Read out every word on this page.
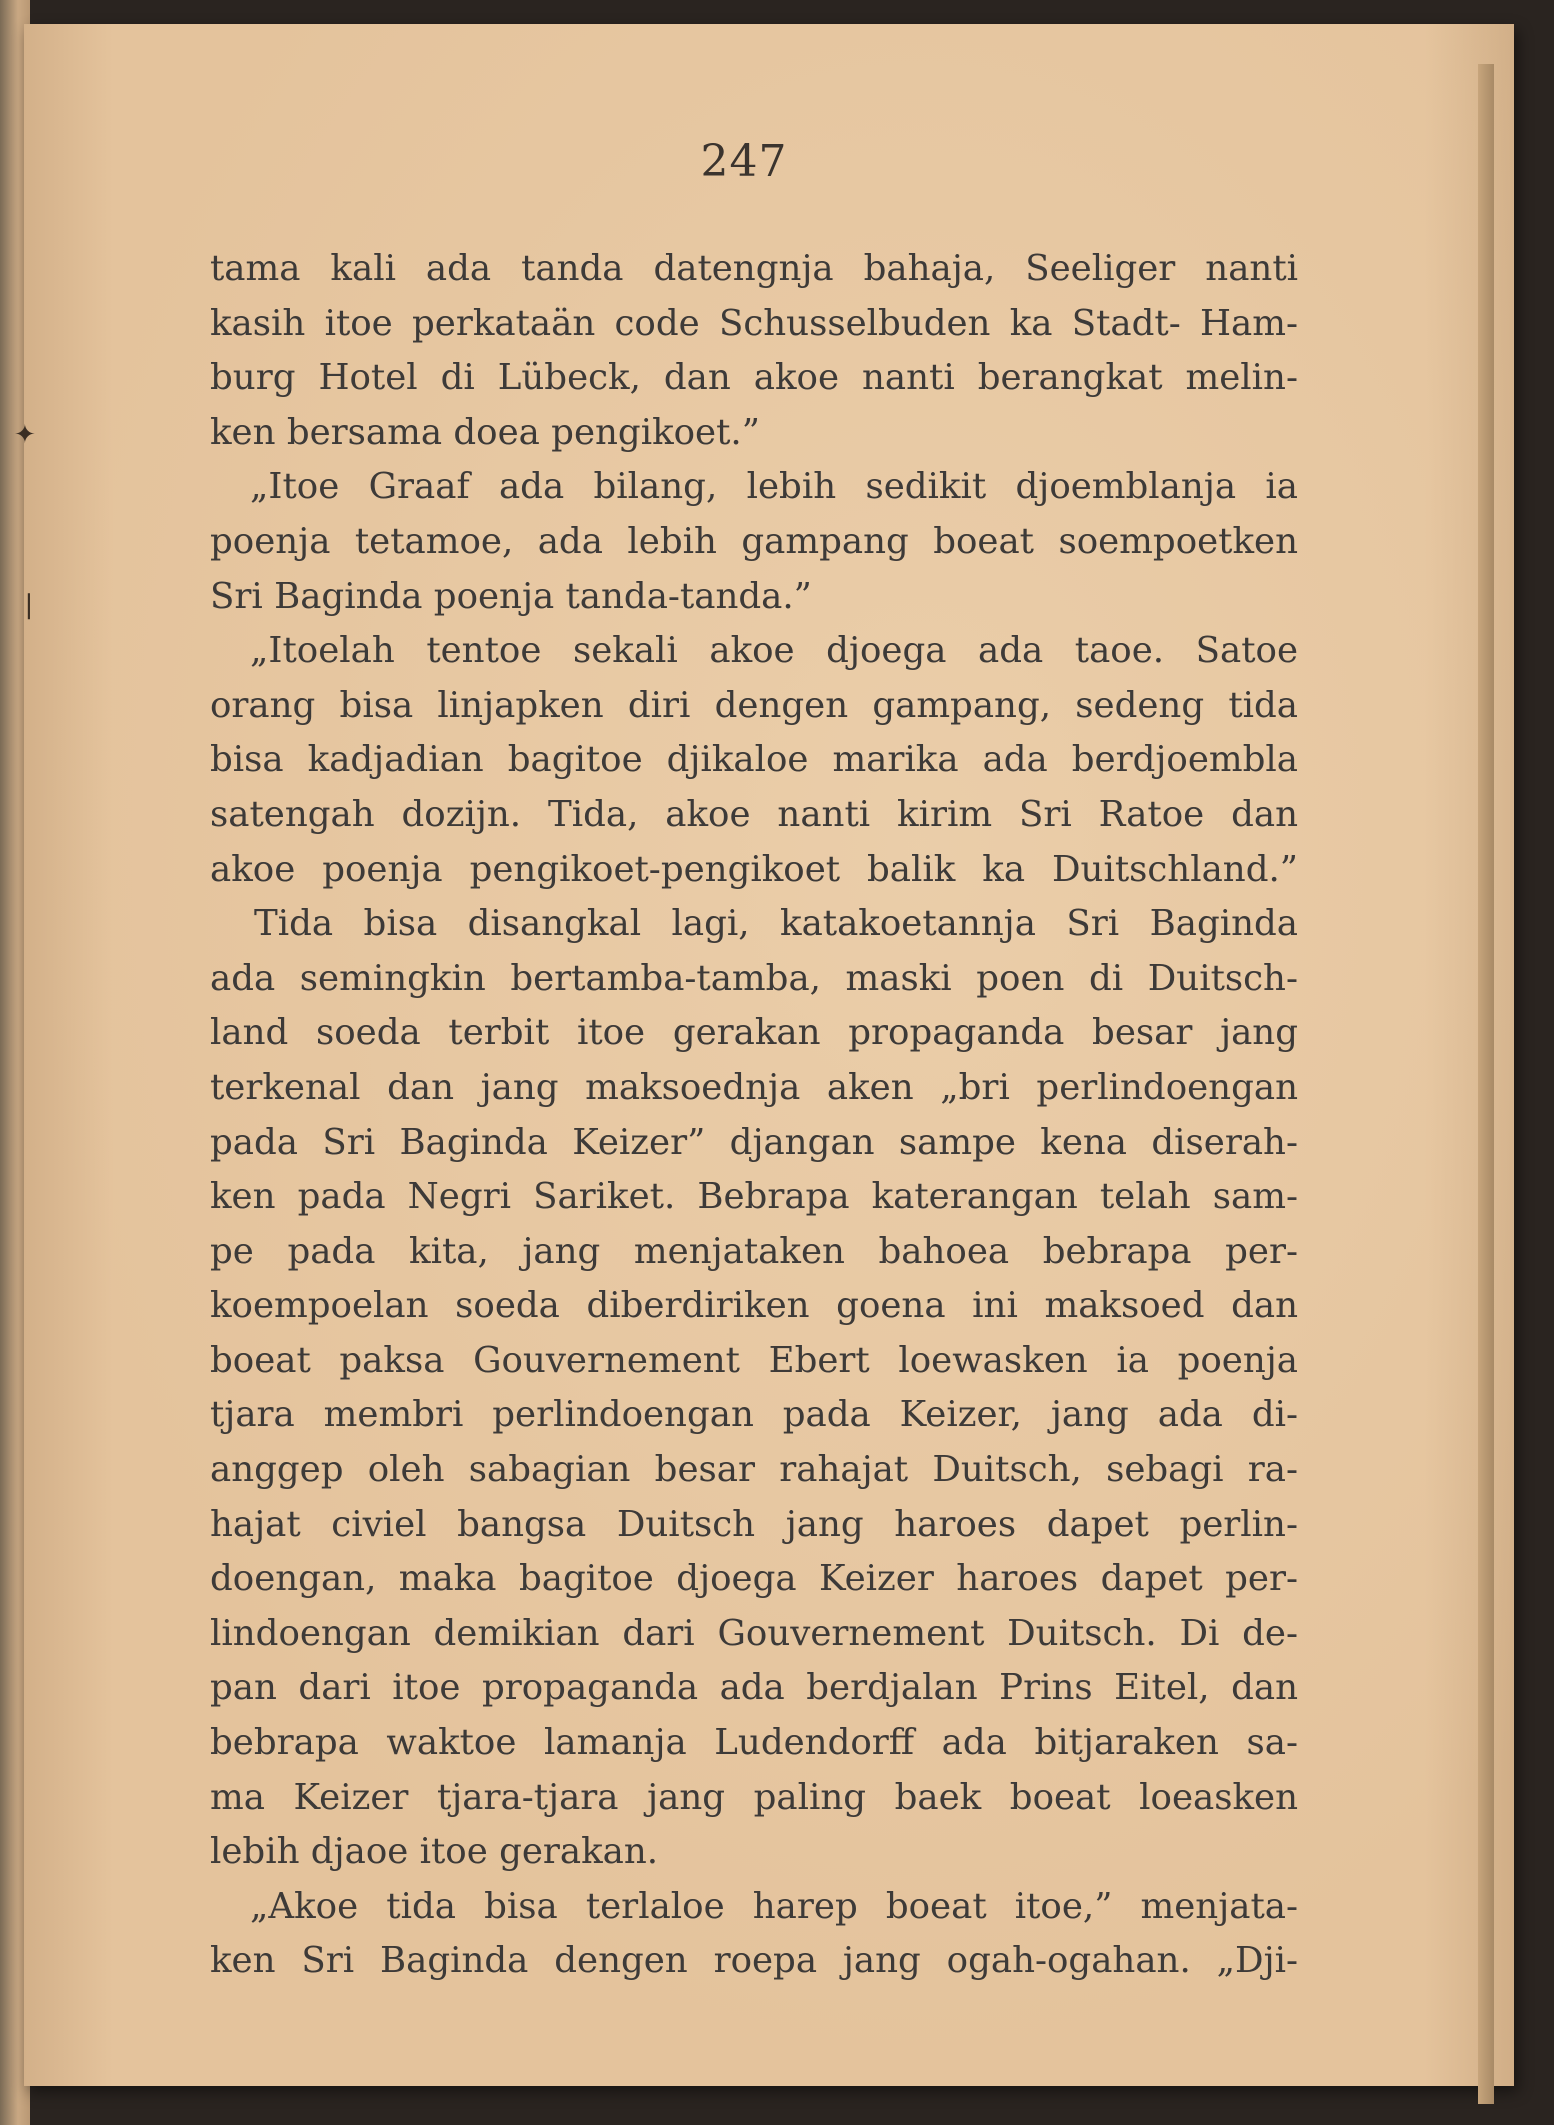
247
tama kali ada tanda datengnja bahaja, Seeliger nanti
kasih itoe perkataän code Schusselbuden ka Stadt- Ham-
burg Hotel di Lübeck, dan akoe nanti berangkat melin-
ken bersama doea pengikoet.”
„Itoe Graaf ada bilang, lebih sedikit djoemblanja ia
poenja tetamoe, ada lebih gampang boeat soempoetken
Sri Baginda poenja tanda-tanda.”
„Itoelah tentoe sekali akoe djoega ada taoe. Satoe
orang bisa linjapken diri dengen gampang, sedeng tida
bisa kadjadian bagitoe djikaloe marika ada berdjoembla
satengah dozijn. Tida, akoe nanti kirim Sri Ratoe dan
akoe poenja pengikoet-pengikoet balik ka Duitschland.”
Tida bisa disangkal lagi, katakoetannja Sri Baginda
ada semingkin bertamba-tamba, maski poen di Duitsch-
land soeda terbit itoe gerakan propaganda besar jang
terkenal dan jang maksoednja aken „bri perlindoengan
pada Sri Baginda Keizer” djangan sampe kena diserah-
ken pada Negri Sariket. Bebrapa katerangan telah sam-
pe pada kita, jang menjataken bahoea bebrapa per-
koempoelan soeda diberdiriken goena ini maksoed dan
boeat paksa Gouvernement Ebert loewasken ia poenja
tjara membri perlindoengan pada Keizer, jang ada di-
anggep oleh sabagian besar rahajat Duitsch, sebagi ra-
hajat civiel bangsa Duitsch jang haroes dapet perlin-
doengan, maka bagitoe djoega Keizer haroes dapet per-
lindoengan demikian dari Gouvernement Duitsch. Di de-
pan dari itoe propaganda ada berdjalan Prins Eitel, dan
bebrapa waktoe lamanja Ludendorff ada bitjaraken sa-
ma Keizer tjara-tjara jang paling baek boeat loeasken
lebih djaoe itoe gerakan.
„Akoe tida bisa terlaloe harep boeat itoe,” menjata-
ken Sri Baginda dengen roepa jang ogah-ogahan. „Dji-
✦
❘
